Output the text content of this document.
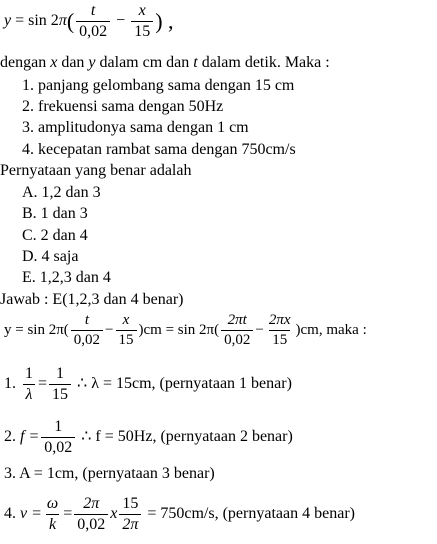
$y = \sin 2\pi( \frac{t}{0,02} - \frac{x}{15}$ ) ,
dengan x dan y dalam cm dan t dalam detik. Maka :
1. panjang gelombang sama dengan 15 cm
2. frekuensi sama dengan 50Hz
3. amplitudonya sama dengan 1 cm
4. kecepatan rambat sama dengan 750cm/s
Pernyataan yang benar adalah
A. 1,2 dan 3
B. 1 dan 3
C. 2 dan 4
D. 4 saja
E. 1,2,3 dan 4
Jawab : E(1,2,3 dan 4 benar)
$y = \sin 2\pi( \frac{t}{0,02} - \frac{x}{15} )cm = \sin 2\pi( \frac{2\pi t}{0,02} - \frac{2\pi x}{15} )cm$, maka :
1. $\frac{1}{\lambda} = \frac{1}{15}$ ∴ λ = 15cm, (pernyataan 1 benar)
2. $f = \frac{1}{0,02}$ ∴ f = 50Hz, (pernyataan 2 benar)
3. A = 1cm, (pernyataan 3 benar)
4. $v = \frac{\omega}{k} = \frac{2\pi}{0,02}$ x $\frac{15}{2\pi} = 750cm/s$, (pernyataan 4 benar)
